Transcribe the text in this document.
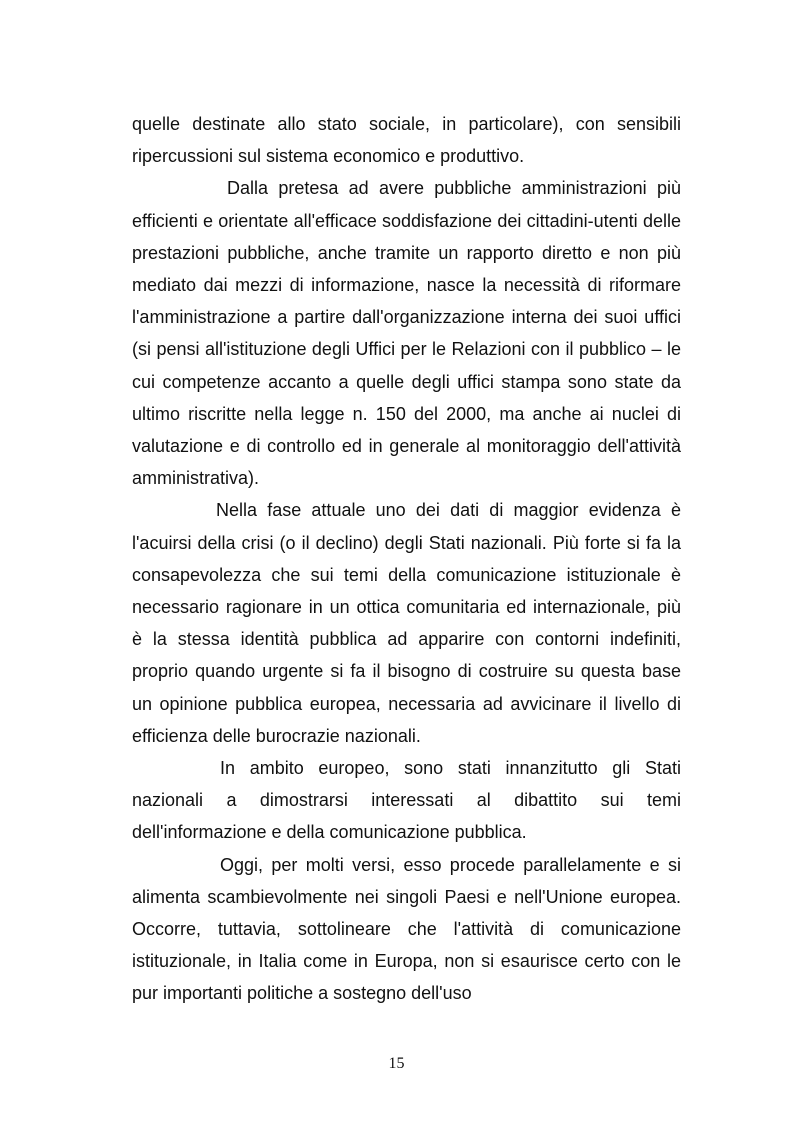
quelle destinate allo stato sociale, in particolare), con sensibili ripercussioni sul sistema economico e produttivo.

Dalla pretesa ad avere pubbliche amministrazioni più efficienti e orientate all'efficace soddisfazione dei cittadini-utenti delle prestazioni pubbliche, anche tramite un rapporto diretto e non più mediato dai mezzi di informazione, nasce la necessità di riformare l'amministrazione a partire dall'organizzazione interna dei suoi uffici (si pensi all'istituzione degli Uffici per le Relazioni con il pubblico – le cui competenze accanto a quelle degli uffici stampa sono state da ultimo riscritte nella legge n. 150 del 2000, ma anche ai nuclei di valutazione e di controllo ed in generale al monitoraggio dell'attività amministrativa).

Nella fase attuale uno dei dati di maggior evidenza è l'acuirsi della crisi (o il declino) degli Stati nazionali. Più forte si fa la consapevolezza che sui temi della comunicazione istituzionale è necessario ragionare in un ottica comunitaria ed internazionale, più è la stessa identità pubblica ad apparire con contorni indefiniti, proprio quando urgente si fa il bisogno di costruire su questa base un opinione pubblica europea, necessaria ad avvicinare il livello di efficienza delle burocrazie nazionali.

In ambito europeo, sono stati innanzitutto gli Stati nazionali a dimostrarsi interessati al dibattito sui temi dell'informazione e della comunicazione pubblica.

Oggi, per molti versi, esso procede parallelamente e si alimenta scambievolmente nei singoli Paesi e nell'Unione europea. Occorre, tuttavia, sottolineare che l'attività di comunicazione istituzionale, in Italia come in Europa, non si esaurisce certo con le pur importanti politiche a sostegno dell'uso

15
